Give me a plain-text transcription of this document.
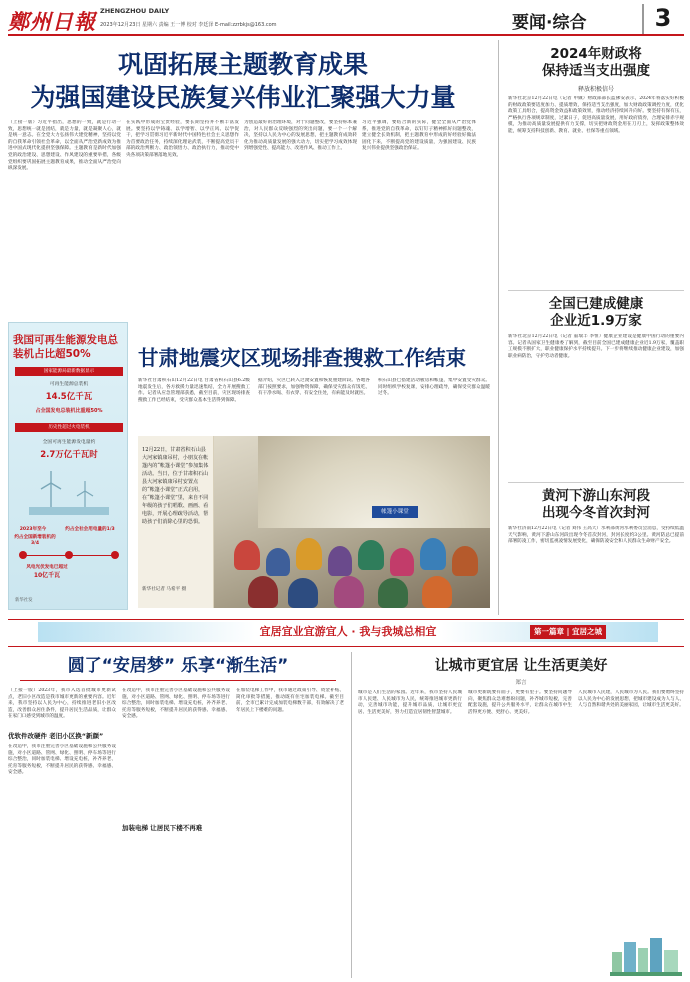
鄭州日報 ZHENGZHOU DAILY
2023年12月23日 星期六 责编 王一博 校对 李廷泽 E-mail:zzrbkjs@163.com	要闻·综合	3
巩固拓展主题教育成果
为强国建设民族复兴伟业汇聚强大力量
（上接一版）习近平指出，思想的一致，就是行动一致，思想统一就是团结，就是力量，就是凝聚人心，就是统一意志。在全党大力弘扬伟大建党精神，坚持以党的自我革命引领社会革命，以全面从严治党新成效为推进中国式现代化提供坚强保障。主题教育是新时代加强党的政治建设、思想建设、作风建设的重要举措，各级党组织要巩固拓展主题教育成果，推动全面从严治党向纵深发展。
在实践中形成的宝贵经验，要长期坚持并不断丰富发展。要坚持以学铸魂、以学增智、以学正风、以学促干，把学习贯彻习近平新时代中国特色社会主义思想作为首要政治任务，持续深化理论武装，不断提高党员干部的政治判断力、政治领悟力、政治执行力，推动党中央各项决策部署落地见效。
为创造最好的治理环境，对于问题整改，要坚持标本兼治，对人民群众反映强烈的突出问题，要一个一个解决，坚持以人民为中心的发展思想，把主题教育成效转化为推动高质量发展的强大动力，切实把学习成效体现到增强党性、提高能力、改进作风、推动工作上。
习近平强调，要结合新的实际，健全全面从严治党体系，推进党的自我革命，以钉钉子精神抓好问题整改，建立健全长效机制，把主题教育中形成的好经验好做法固化下来，不断提高党的建设质量，为强国建设、民族复兴伟业提供坚强政治保证。
2024年财政将
保持适当支出强度
释放积极信号
新华社北京12月22日电（记者 申铖）财政部部长蓝佛安表示，2024年将落实好积极的财政政策要适度加力、提质增效，保持适当支出强度，加大财政政策调控力度，优化政策工具组合，提高资金效益和政策效果，推动经济持续回升向好。要坚持有保有压，严格执行各项规章制度，过紧日子，促进高质量发展，用好政府债券，合理安排赤字规模，为推动高质量发展提供有力支撑，切实把财政资金用在刀刃上，发挥政策整体效能，统筹支持科技创新、教育、就业、社保等重点领域。
全国已建成健康
企业近1.9万家
新华社北京12月22日电（记者 董瑞丰 李恒）健康企业建设是健康中国行动的重要内容。记者从国家卫生健康委了解到，截至目前全国已建成健康企业近1.9万家，覆盖职工规模不断扩大，职业健康保护水平持续提升。下一步将继续推动健康企业建设，加强职业病防治，守护劳动者健康。
黄河下游山东河段
出现今冬首次封河
新华社济南12月22日电（记者 刘伟 王高天）水利部黄河水利委员会消息，受持续低温天气影响，黄河下游山东河段出现今冬首次封河，封河长度约3公里。黄河防总已提前部署防凌工作，密切监视凌情发展变化，确保防凌安全和人民群众生命财产安全。
我国可再生能源发电总装机占比超50%
国家能源局最新数据显示
可再生能源总装机
14.5亿千瓦
占全国发电总装机比重超50%
历史性超过火电装机
全国可再生能源发电量约
2.7万亿千瓦时
2023年至今
约占全国新增装机的3/4
约占全社会用电量的1/3
风电光伏发电已超过
10亿千瓦
新华社发
甘肃地震灾区现场排查搜救工作结束
新华社甘肃积石山12月22日电 甘肃省积石山县6.2级地震发生后，各方救援力量迅速集结，全力开展搜救工作。记者从应急管理部获悉，截至目前，灾区现场排查搜救工作已经结束，受灾群众基本生活得到保障。
据介绍，灾区已转入过渡安置和恢复重建阶段。各地各部门按照要求，加强物资保障，确保受灾群众有饭吃、有干净水喝、有衣穿、有安全住处，有病能及时就医。
积石山县已搭建活动板房和帐篷，集中安置受灾群众。同时组织学校复课，安排心理疏导，确保受灾群众温暖过冬。
帐篷小课堂
12月22日，甘肃省积石山县大河家镇康吊村，小朋友在帐篷内的“帐篷小课堂”参加集体活动。当日，位于甘肃积石山县大河家镇康吊村安置点的“帐篷小课堂”正式启用，在“帐篷小课堂”里，来自不同年级的孩子们唱歌、画画、看电影，开展心理疏导活动，帮助孩子们消除心里的恐惧。
新华社记者 马希平 摄
宜居宜业宜游宜人 · 我与我城总相宜	第一篇章 | 宜居之城
圆了“安居梦” 乐享“渐生活”
（上接一版）2023年，我市入选首批城市更新试点，老旧小区改造是我市城市更新的重要内容。近年来，我市坚持以人民为中心，持续推进老旧小区改造，改善群众居住条件，提升居民生活品质，让群众在家门口感受到城市的温度。
优软件改硬件 老旧小区换“新颜”
在改造中，我市注重完善小区基础设施和公共服务设施，对小区道路、管网、绿化、照明、停车场等进行综合整治，同时加装电梯、增设充电桩，补齐养老、托育等服务短板，不断提升居民的获得感、幸福感、安全感。
在改造中，我市注重完善小区基础设施和公共服务设施，对小区道路、管网、绿化、照明、停车场等进行综合整治，同时加装电梯、增设充电桩，补齐养老、托育等服务短板，不断提升居民的获得感、幸福感、安全感。
加装电梯 让居民下楼不再难
在加装电梯工作中，我市通过政策引导、资金补贴、简化审批等措施，推动既有住宅加装电梯。截至目前，全市已累计完成加装电梯数千部，有效解决了老年居民上下楼难的问题。
让城市更宜居 让生活更美好
郑言
城市是人们生活的家园。近年来，我市坚持人民城市人民建、人民城市为人民，统筹推进城市更新行动，完善城市功能，提升城市品质，让城市更宜居、生活更美好，努力打造宜居韧性智慧城市。
城市更新既要有面子，更要有里子。要坚持问题导向，聚焦群众急难愁盼问题，补齐城市短板，完善配套设施，提升公共服务水平，让群众在城市中生活得更方便、更舒心、更美好。
人民城市人民建，人民城市为人民。我们要始终坚持以人民为中心的发展思想，把城市建设成为人与人、人与自然和谐共处的美丽家园，让城市生活更美好。
